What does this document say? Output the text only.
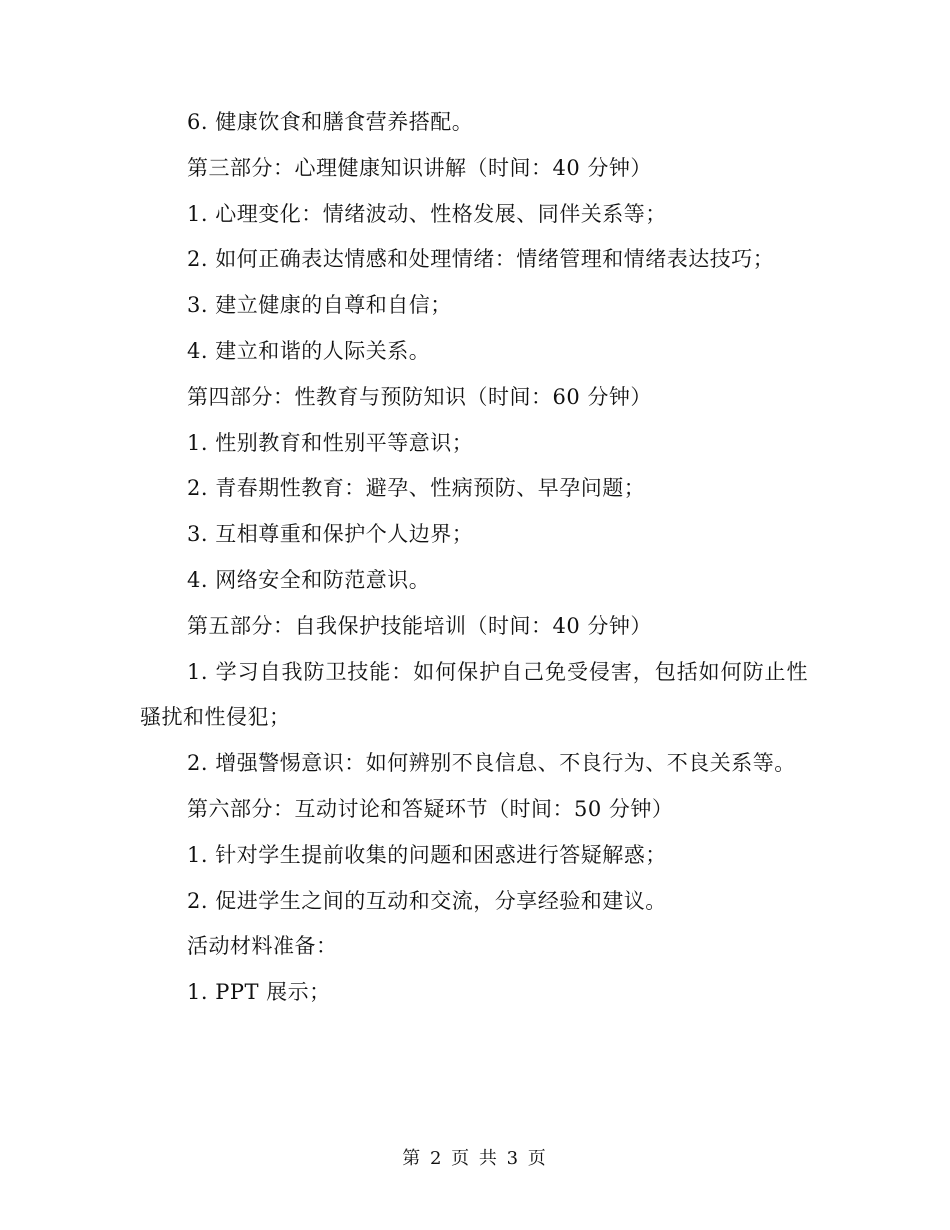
6. 健康饮食和膳食营养搭配。

第三部分：心理健康知识讲解（时间：40 分钟）

1. 心理变化：情绪波动、性格发展、同伴关系等；

2. 如何正确表达情感和处理情绪：情绪管理和情绪表达技巧；

3. 建立健康的自尊和自信；

4. 建立和谐的人际关系。

第四部分：性教育与预防知识（时间：60 分钟）

1. 性别教育和性别平等意识；

2. 青春期性教育：避孕、性病预防、早孕问题；

3. 互相尊重和保护个人边界；

4. 网络安全和防范意识。

第五部分：自我保护技能培训（时间：40 分钟）

1. 学习自我防卫技能：如何保护自己免受侵害，包括如何防止性骚扰和性侵犯；

2. 增强警惕意识：如何辨别不良信息、不良行为、不良关系等。

第六部分：互动讨论和答疑环节（时间：50 分钟）

1. 针对学生提前收集的问题和困惑进行答疑解惑；

2. 促进学生之间的互动和交流，分享经验和建议。

活动材料准备：

1. PPT 展示；

第 2 页 共 3 页
